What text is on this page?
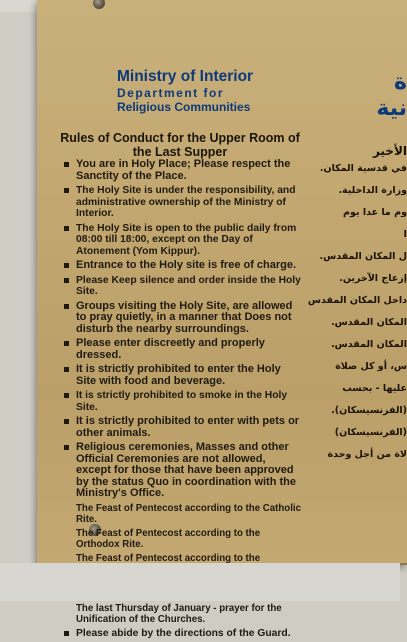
Ministry of Interior
Department for
Religious Communities
Rules of Conduct for the Upper Room of the Last Supper
You are in Holy Place; Please respect the Sanctity of the Place.
The Holy Site is under the responsibility, and administrative ownership of the Ministry of Interior.
The Holy Site is open to the public daily from 08:00 till 18:00, except on the Day of Atonement (Yom Kippur).
Entrance to the Holy site is free of charge.
Please Keep silence and order inside the Holy Site.
Groups visiting the Holy Site, are allowed to pray quietly, in a manner that Does not disturb the nearby surroundings.
Please enter discreetly and properly dressed.
It is strictly prohibited to enter the Holy Site with food and beverage.
It is strictly prohibited to smoke in the Holy Site.
It is strictly prohibited to enter with pets or other animals.
Religious ceremonies, Masses and other Official Ceremonies are not allowed, except for those that have been approved by the status Quo in coordination with the Ministry's Office.
The Feast of Pentecost according to the Catholic Rite.
The Feast of Pentecost according to the Orthodox Rite.
The Feast of Pentecost according to the
The last Thursday of January - prayer for the Unification of the Churches.
Please abide by the directions of the Guard.
ة
نية
الأخير
في قدسية المكان.
وزارة الداخلية.
وم ما عدا يوم
I
ل المكان المقدس.
إزعاج الآخرين.
داخل المكان المقدس
المكان المقدس.
المكان المقدس.
س، أو كل صلاة
عليها - بحسب
(الفرنسيسكان).
(الفرنسيسكان)
لاة من أجل وحدة
